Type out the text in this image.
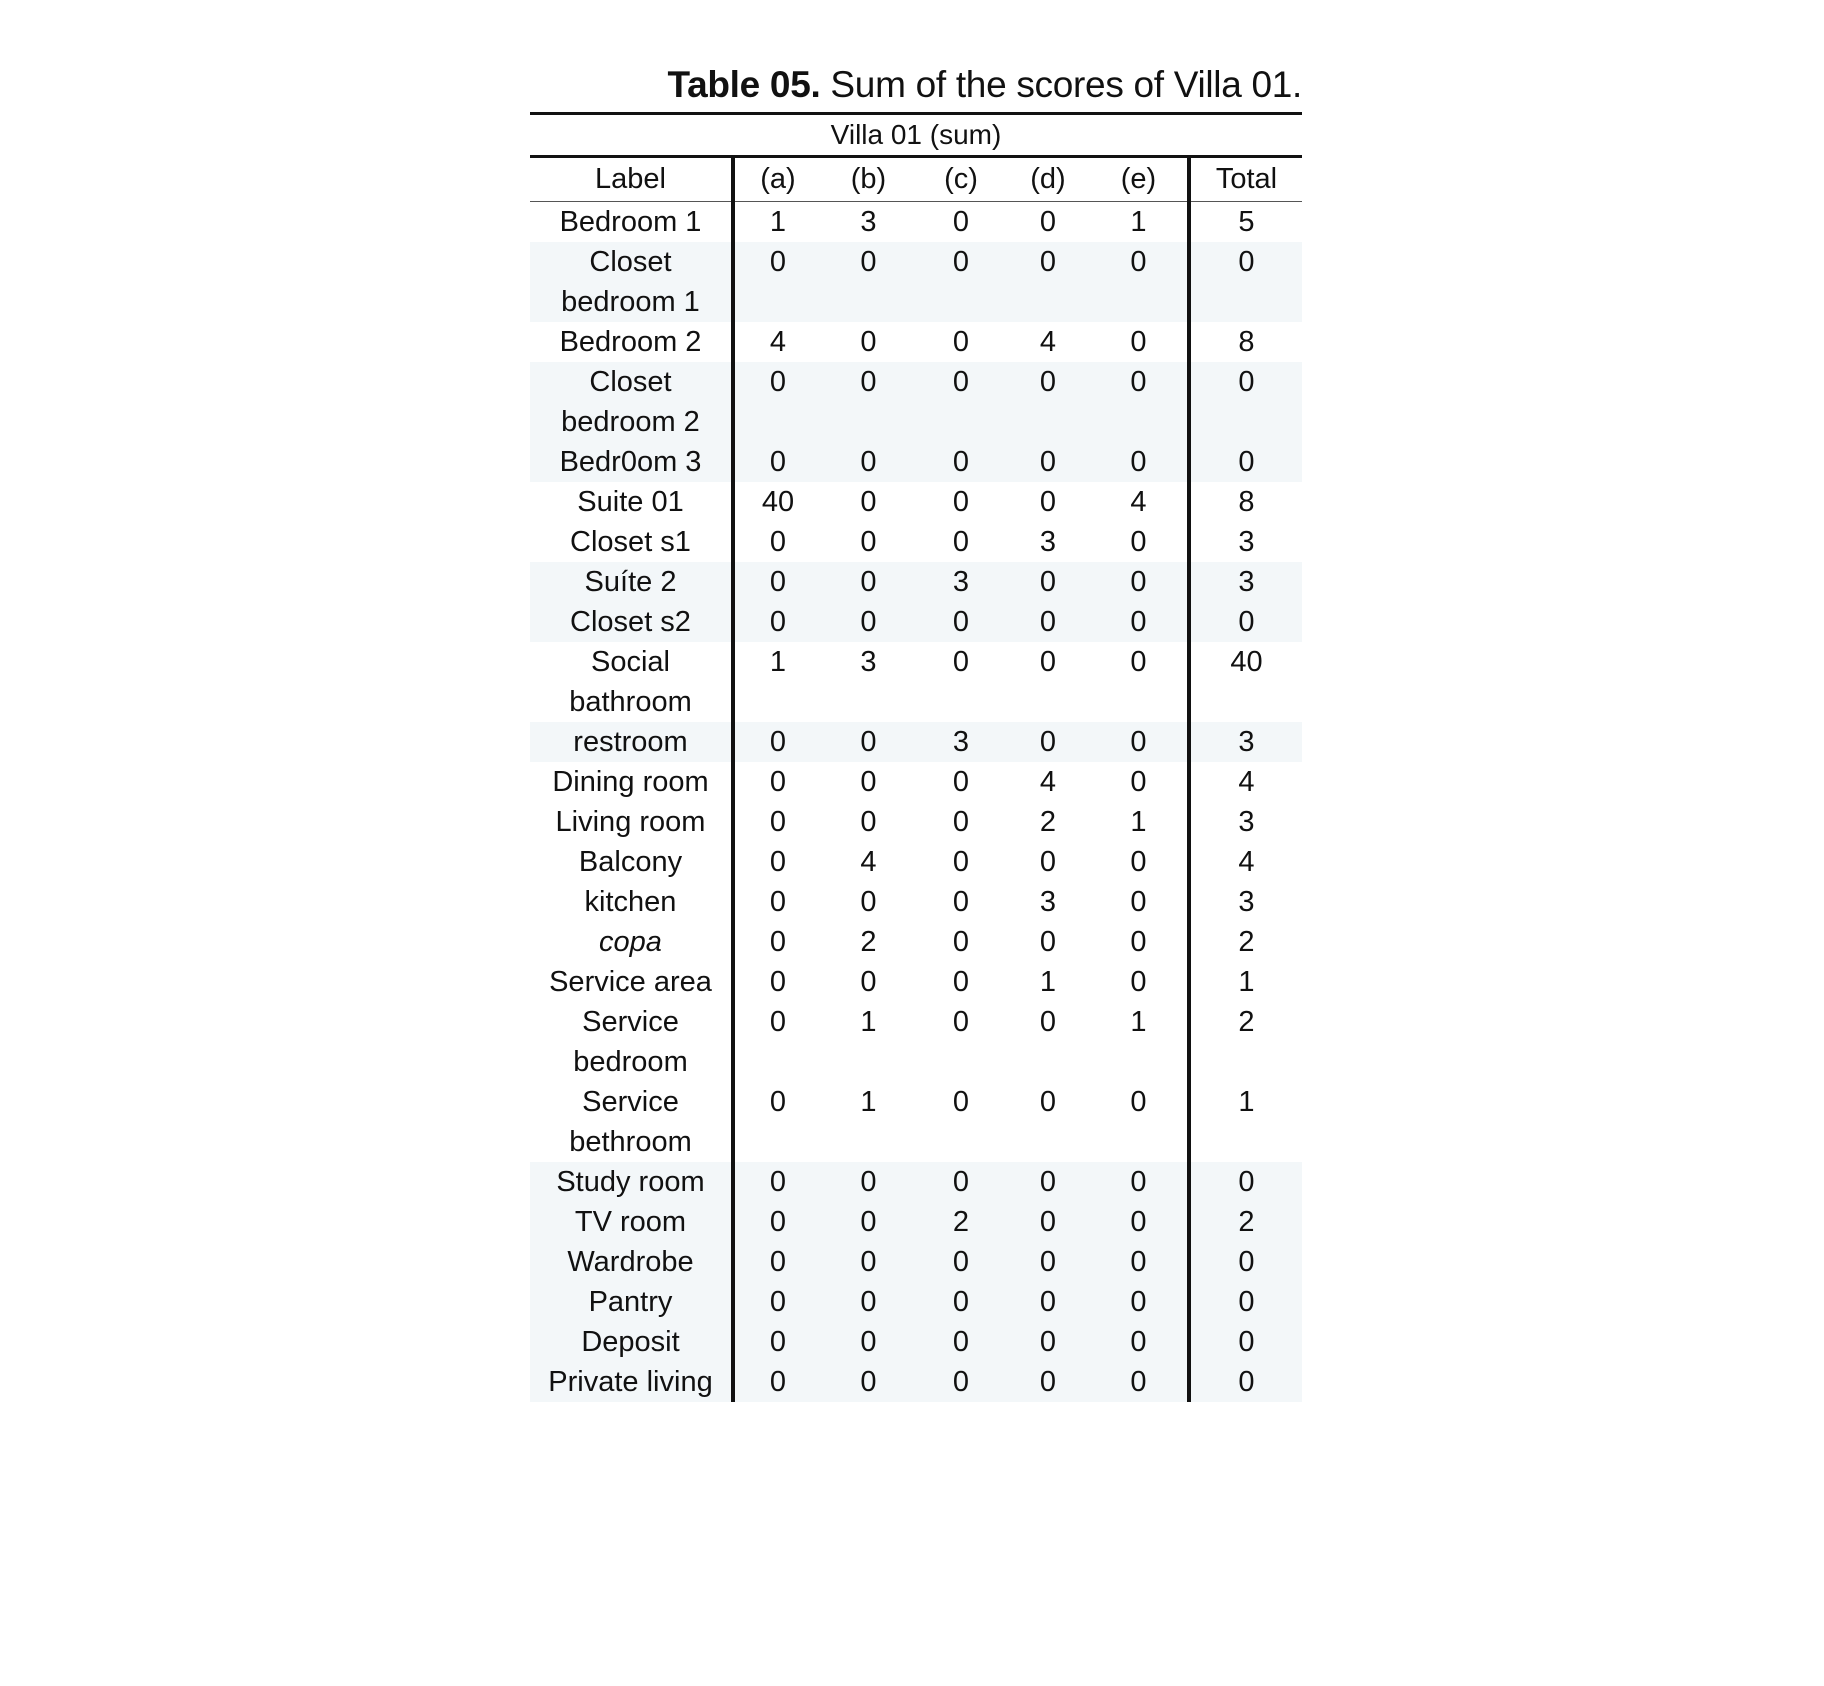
Table 05. Sum of the scores of Villa 01.
Villa 01 (sum)
Label	(a)	(b)	(c)	(d)	(e)	Total
Bedroom 1	1	3	0	0	1	5
Closet bedroom 1	0	0	0	0	0	0
Bedroom 2	4	0	0	4	0	8
Closet bedroom 2	0	0	0	0	0	0
Bedr0om 3	0	0	0	0	0	0
Suite 01	40	0	0	0	4	8
Closet s1	0	0	0	3	0	3
Suíte 2	0	0	3	0	0	3
Closet s2	0	0	0	0	0	0
Social bathroom	1	3	0	0	0	40
restroom	0	0	3	0	0	3
Dining room	0	0	0	4	0	4
Living room	0	0	0	2	1	3
Balcony	0	4	0	0	0	4
kitchen	0	0	0	3	0	3
copa	0	2	0	0	0	2
Service area	0	0	0	1	0	1
Service bedroom	0	1	0	0	1	2
Service bethroom	0	1	0	0	0	1
Study room	0	0	0	0	0	0
TV room	0	0	2	0	0	2
Wardrobe	0	0	0	0	0	0
Pantry	0	0	0	0	0	0
Deposit	0	0	0	0	0	0
Private living	0	0	0	0	0	0
